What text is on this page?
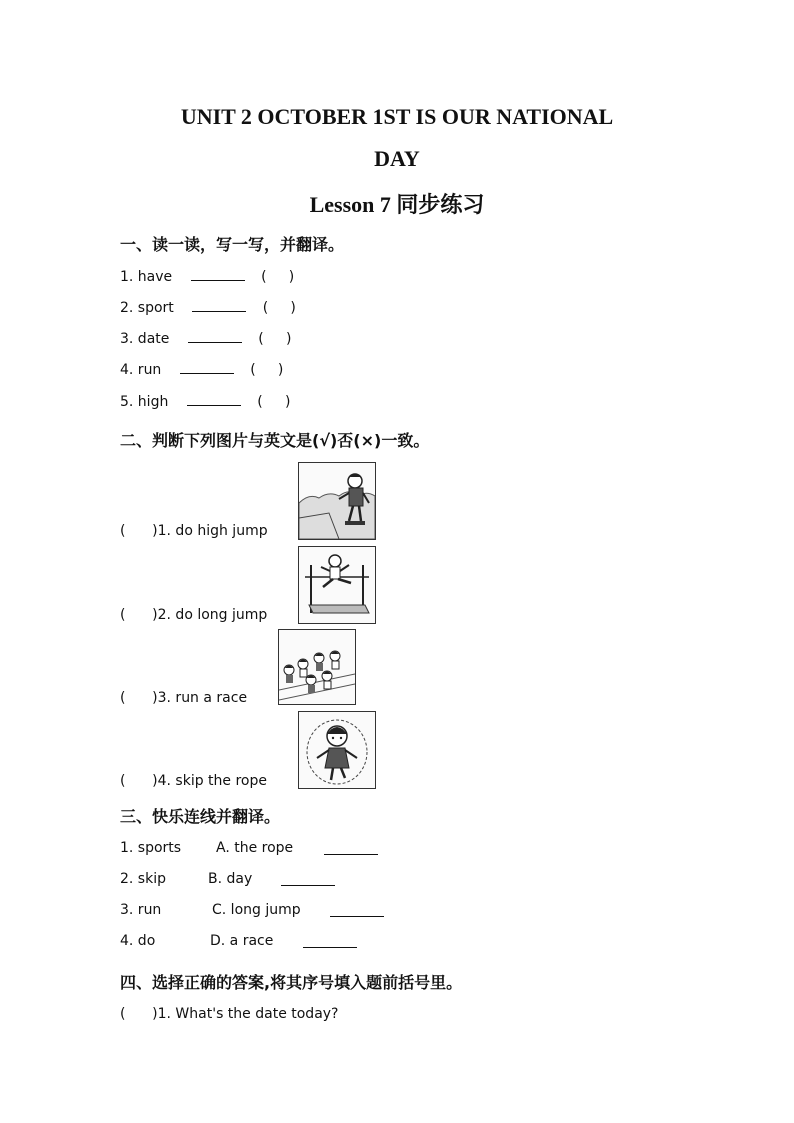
UNIT 2 OCTOBER 1ST IS OUR NATIONAL
DAY
Lesson 7 同步练习
一、读一读，写一写，并翻译。
1. have	(     )
2. sport	(     )
3. date	(     )
4. run	(     )
5. high	(     )
二、判断下列图片与英文是(√)否(×)一致。
(      )1. do high jump
(      )2. do long jump
(      )3. run a race
(      )4. skip the rope
三、快乐连线并翻译。
1. sports A. the rope
2. skip	B. day
3. run	C. long jump
4. do	D. a race
四、选择正确的答案,将其序号填入题前括号里。
(      )1. What's the date today?
